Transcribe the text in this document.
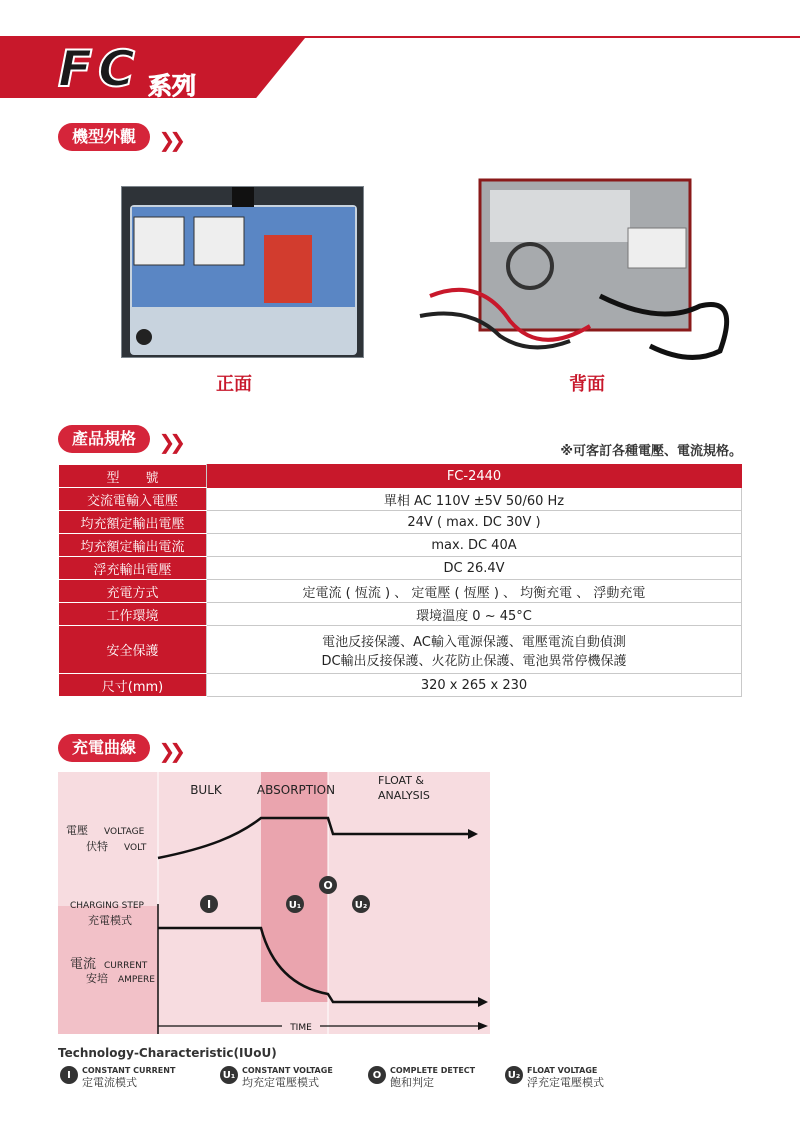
FC 系列
機型外觀 ❯❯
正面	背面
產品規格 ❯❯	※可客訂各種電壓、電流規格。
型　　號	FC-2440
交流電輸入電壓	單相 AC 110V ±5V 50/60 Hz
均充額定輸出電壓	24V ( max. DC 30V )
均充額定輸出電流	max. DC 40A
浮充輸出電壓	DC 26.4V
充電方式	定電流 ( 恆流 ) 、 定電壓 ( 恆壓 ) 、 均衡充電 、 浮動充電
工作環境	環境溫度 0 ~ 45°C
安全保護	電池反接保護、AC輸入電源保護、電壓電流自動偵測
DC輸出反接保護、火花防止保護、電池異常停機保護

尺寸(mm)	320 x 265 x 230
充電曲線 ❯❯
TIME
BULK	ABSORPTION
FLOAT &
ANALYSIS
電壓 VOLTAGE
伏特 VOLT
CHARGING STEP
充電模式
電流 CURRENT
安培 AMPERE
I	U₁
O
U₂
Technology-Characteristic(IUoU)
I	CONSTANT CURRENT
定電流模式
U₁ CONSTANT VOLTAGE
均充定電壓模式
O	COMPLETE DETECT
飽和判定
U₂ FLOAT VOLTAGE
浮充定電壓模式
